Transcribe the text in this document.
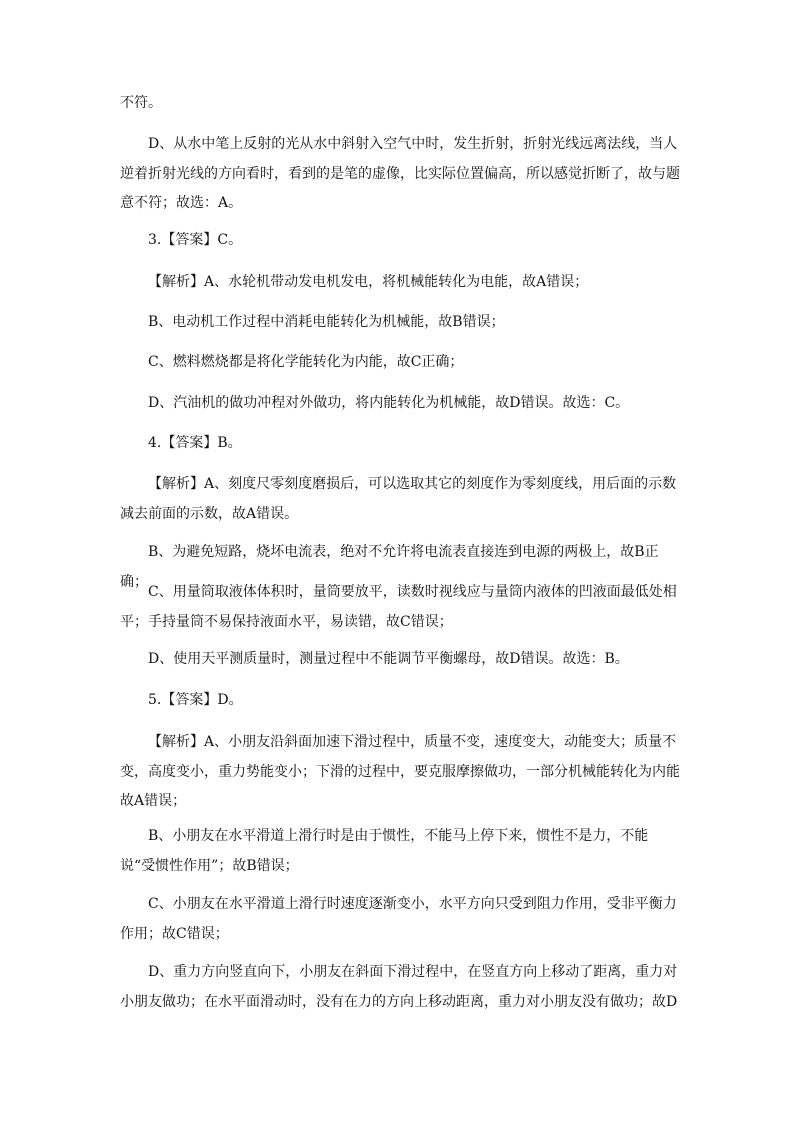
不符。

D、从水中笔上反射的光从水中斜射入空气中时，发生折射，折射光线远离法线，当人逆着折射光线的方向看时，看到的是笔的虚像，比实际位置偏高，所以感觉折断了，故与题意不符；故选：A。

3.【答案】C。

【解析】A、水轮机带动发电机发电，将机械能转化为电能，故A错误；

B、电动机工作过程中消耗电能转化为机械能，故B错误；

C、燃料燃烧都是将化学能转化为内能，故C正确；

D、汽油机的做功冲程对外做功，将内能转化为机械能，故D错误。故选：C。

4.【答案】B。

【解析】A、刻度尺零刻度磨损后，可以选取其它的刻度作为零刻度线，用后面的示数减去前面的示数，故A错误。

B、为避免短路，烧坏电流表，绝对不允许将电流表直接连到电源的两极上，故B正确；

C、用量筒取液体体积时，量筒要放平，读数时视线应与量筒内液体的凹液面最低处相平；手持量筒不易保持液面水平，易读错，故C错误；

D、使用天平测质量时，测量过程中不能调节平衡螺母，故D错误。故选：B。

5.【答案】D。

【解析】A、小朋友沿斜面加速下滑过程中，质量不变，速度变大，动能变大；质量不变，高度变小，重力势能变小；下滑的过程中，要克服摩擦做功，一部分机械能转化为内能故A错误；

B、小朋友在水平滑道上滑行时是由于惯性，不能马上停下来，惯性不是力，不能说“受惯性作用”；故B错误；

C、小朋友在水平滑道上滑行时速度逐渐变小，水平方向只受到阻力作用，受非平衡力作用；故C错误；

D、重力方向竖直向下，小朋友在斜面下滑过程中，在竖直方向上移动了距离，重力对小朋友做功；在水平面滑动时，没有在力的方向上移动距离，重力对小朋友没有做功；故D
